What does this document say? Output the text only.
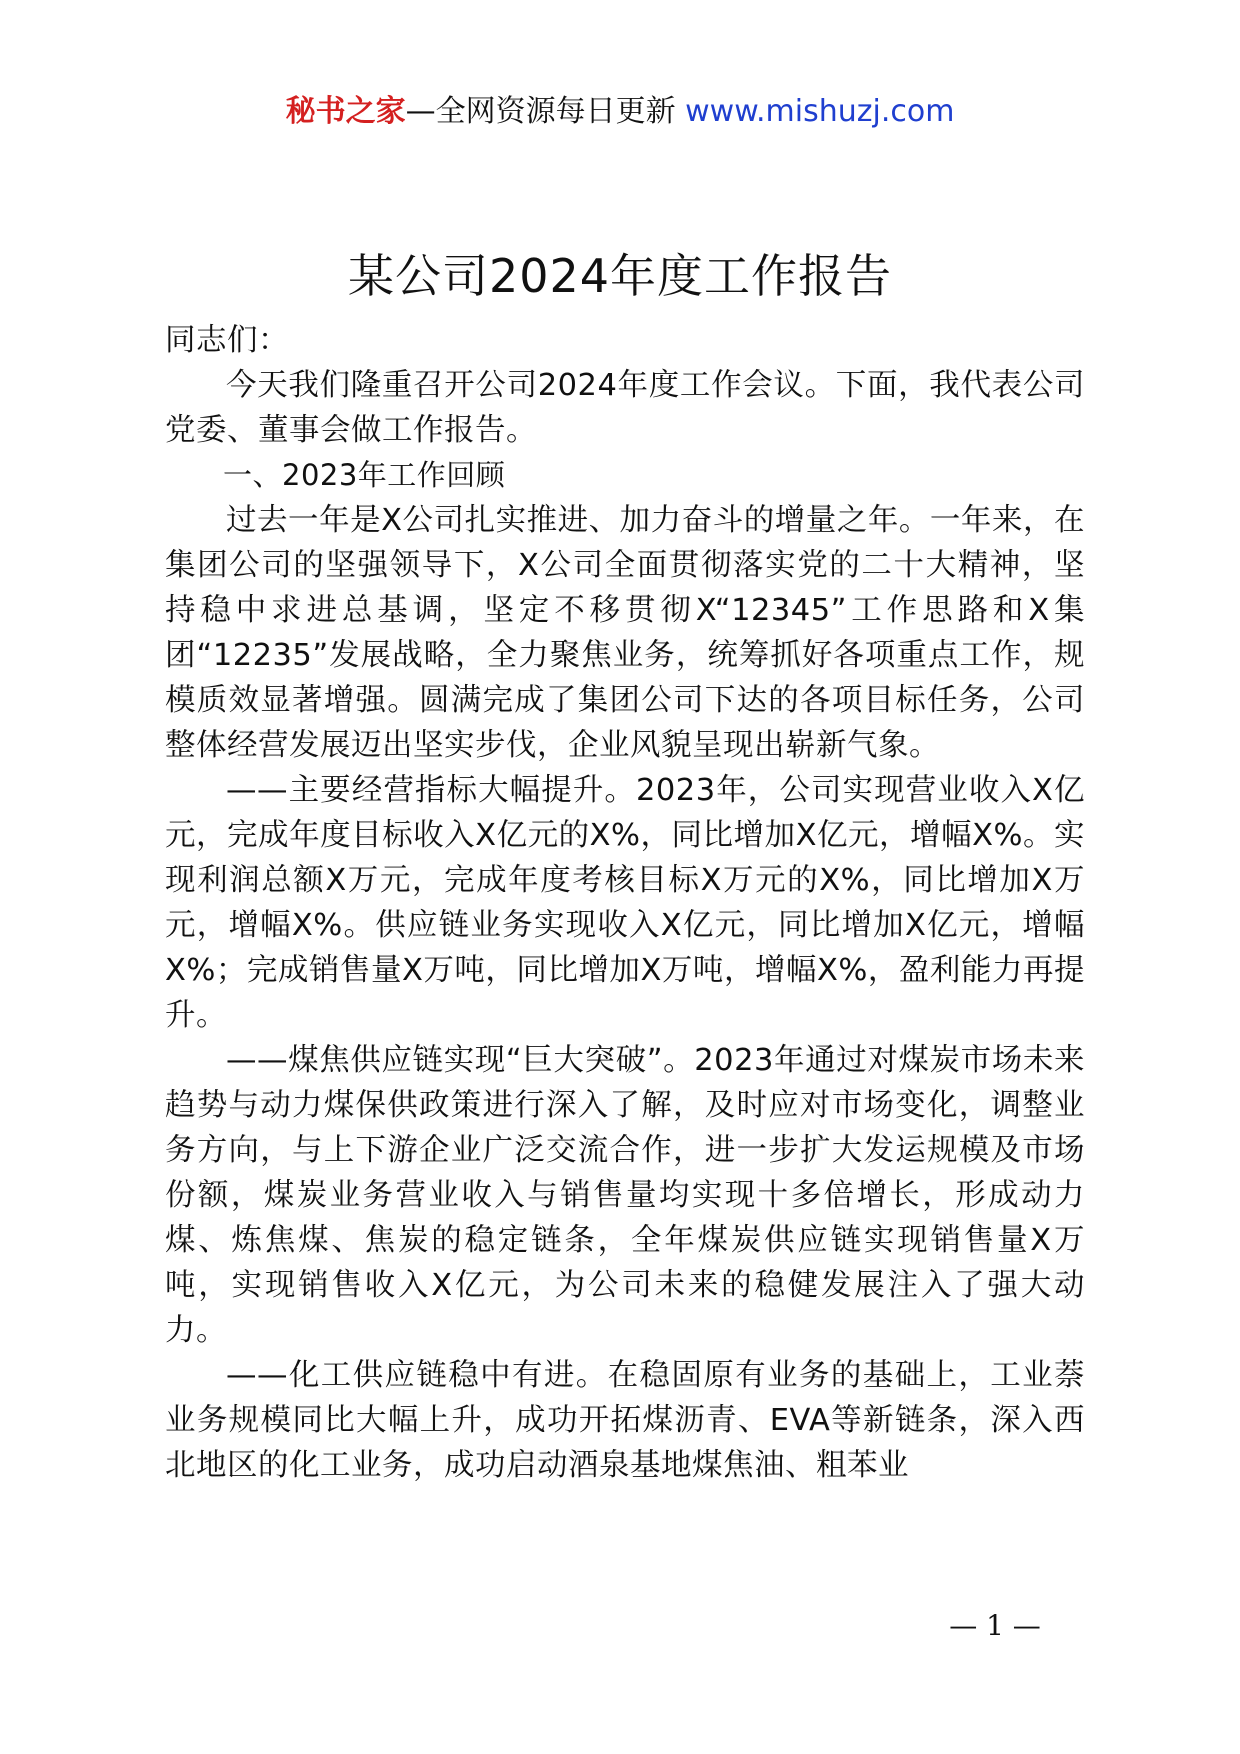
秘书之家—全网资源每日更新 www.mishuzj.com
某公司2024年度工作报告

同志们：

今天我们隆重召开公司2024年度工作会议。下面，我代表公司党委、董事会做工作报告。

一、2023年工作回顾

过去一年是X公司扎实推进、加力奋斗的增量之年。一年来，在集团公司的坚强领导下，X公司全面贯彻落实党的二十大精神，坚持稳中求进总基调，坚定不移贯彻X“12345”工作思路和X集团“12235”发展战略，全力聚焦业务，统筹抓好各项重点工作，规模质效显著增强。圆满完成了集团公司下达的各项目标任务，公司整体经营发展迈出坚实步伐，企业风貌呈现出崭新气象。

——主要经营指标大幅提升。2023年，公司实现营业收入X亿元，完成年度目标收入X亿元的X%，同比增加X亿元，增幅X%。实现利润总额X万元，完成年度考核目标X万元的X%，同比增加X万元，增幅X%。供应链业务实现收入X亿元，同比增加X亿元，增幅X%；完成销售量X万吨，同比增加X万吨，增幅X%，盈利能力再提升。

——煤焦供应链实现“巨大突破”。2023年通过对煤炭市场未来趋势与动力煤保供政策进行深入了解，及时应对市场变化，调整业务方向，与上下游企业广泛交流合作，进一步扩大发运规模及市场份额，煤炭业务营业收入与销售量均实现十多倍增长，形成动力煤、炼焦煤、焦炭的稳定链条，全年煤炭供应链实现销售量X万吨，实现销售收入X亿元，为公司未来的稳健发展注入了强大动力。

——化工供应链稳中有进。在稳固原有业务的基础上，工业萘业务规模同比大幅上升，成功开拓煤沥青、EVA等新链条，深入西北地区的化工业务，成功启动酒泉基地煤焦油、粗苯业

— 1 —
